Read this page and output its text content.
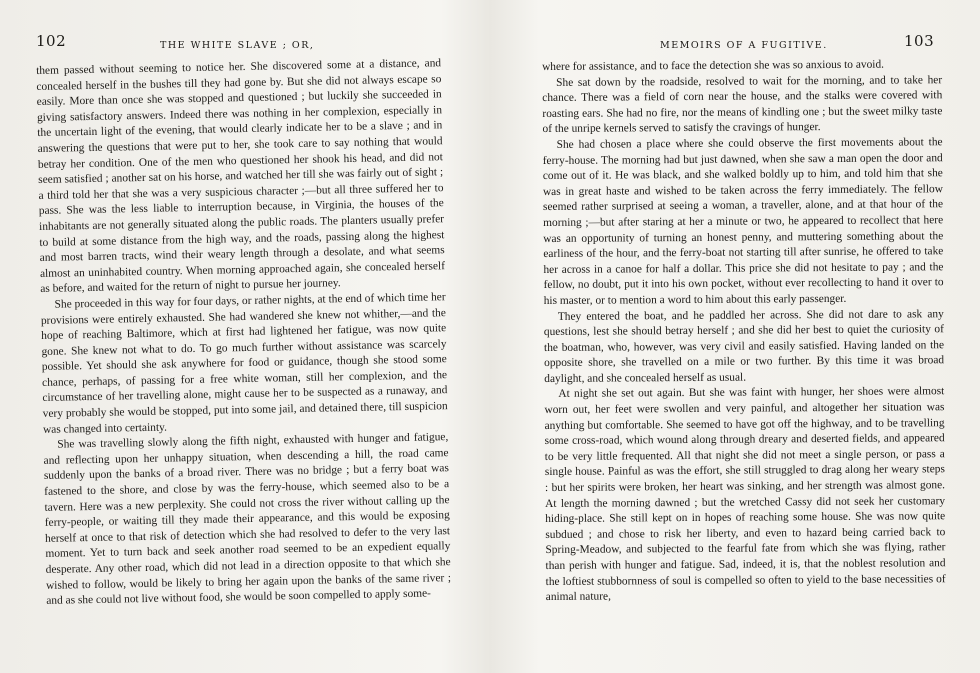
102	THE WHITE SLAVE ; OR,

them passed without seeming to notice her. She discovered some at a distance, and concealed herself in the bushes till they had gone by. But she did not always escape so easily. More than once she was stopped and questioned ; but luckily she succeeded in giving satisfactory answers. Indeed there was nothing in her complexion, especially in the uncertain light of the evening, that would clearly indicate her to be a slave ; and in answering the questions that were put to her, she took care to say nothing that would betray her condition. One of the men who questioned her shook his head, and did not seem satisfied ; another sat on his horse, and watched her till she was fairly out of sight ; a third told her that she was a very suspicious character ;—but all three suffered her to pass. She was the less liable to interruption because, in Virginia, the houses of the inhabitants are not generally situated along the public roads. The planters usually prefer to build at some distance from the high way, and the roads, passing along the highest and most barren tracts, wind their weary length through a desolate, and what seems almost an uninhabited country. When morning approached again, she concealed herself as before, and waited for the return of night to pursue her journey.

She proceeded in this way for four days, or rather nights, at the end of which time her provisions were entirely exhausted. She had wandered she knew not whither,—and the hope of reaching Baltimore, which at first had lightened her fatigue, was now quite gone. She knew not what to do. To go much further without assistance was scarcely possible. Yet should she ask anywhere for food or guidance, though she stood some chance, perhaps, of passing for a free white woman, still her complexion, and the circumstance of her travelling alone, might cause her to be suspected as a runaway, and very probably she would be stopped, put into some jail, and detained there, till suspicion was changed into certainty.

She was travelling slowly along the fifth night, exhausted with hunger and fatigue, and reflecting upon her unhappy situation, when descending a hill, the road came suddenly upon the banks of a broad river. There was no bridge ; but a ferry boat was fastened to the shore, and close by was the ferry-house, which seemed also to be a tavern. Here was a new perplexity. She could not cross the river without calling up the ferry-people, or waiting till they made their appearance, and this would be exposing herself at once to that risk of detection which she had resolved to defer to the very last moment. Yet to turn back and seek another road seemed to be an expedient equally desperate. Any other road, which did not lead in a direction opposite to that which she wished to follow, would be likely to bring her again upon the banks of the same river ; and as she could not live without food, she would be soon compelled to apply some-

MEMOIRS OF A FUGITIVE.	103

where for assistance, and to face the detection she was so anxious to avoid.

She sat down by the roadside, resolved to wait for the morning, and to take her chance. There was a field of corn near the house, and the stalks were covered with roasting ears. She had no fire, nor the means of kindling one ; but the sweet milky taste of the unripe kernels served to satisfy the cravings of hunger.

She had chosen a place where she could observe the first movements about the ferry-house. The morning had but just dawned, when she saw a man open the door and come out of it. He was black, and she walked boldly up to him, and told him that she was in great haste and wished to be taken across the ferry immediately. The fellow seemed rather surprised at seeing a woman, a traveller, alone, and at that hour of the morning ;—but after staring at her a minute or two, he appeared to recollect that here was an opportunity of turning an honest penny, and muttering something about the earliness of the hour, and the ferry-boat not starting till after sunrise, he offered to take her across in a canoe for half a dollar. This price she did not hesitate to pay ; and the fellow, no doubt, put it into his own pocket, without ever recollecting to hand it over to his master, or to mention a word to him about this early passenger.

They entered the boat, and he paddled her across. She did not dare to ask any questions, lest she should betray herself ; and she did her best to quiet the curiosity of the boatman, who, however, was very civil and easily satisfied. Having landed on the opposite shore, she travelled on a mile or two further. By this time it was broad daylight, and she concealed herself as usual.

At night she set out again. But she was faint with hunger, her shoes were almost worn out, her feet were swollen and very painful, and altogether her situation was anything but comfortable. She seemed to have got off the highway, and to be travelling some cross-road, which wound along through dreary and deserted fields, and appeared to be very little frequented. All that night she did not meet a single person, or pass a single house. Painful as was the effort, she still struggled to drag along her weary steps : but her spirits were broken, her heart was sinking, and her strength was almost gone. At length the morning dawned ; but the wretched Cassy did not seek her customary hiding-place. She still kept on in hopes of reaching some house. She was now quite subdued ; and chose to risk her liberty, and even to hazard being carried back to Spring-Meadow, and subjected to the fearful fate from which she was flying, rather than perish with hunger and fatigue. Sad, indeed, it is, that the noblest resolution and the loftiest stubbornness of soul is compelled so often to yield to the base necessities of animal nature,
